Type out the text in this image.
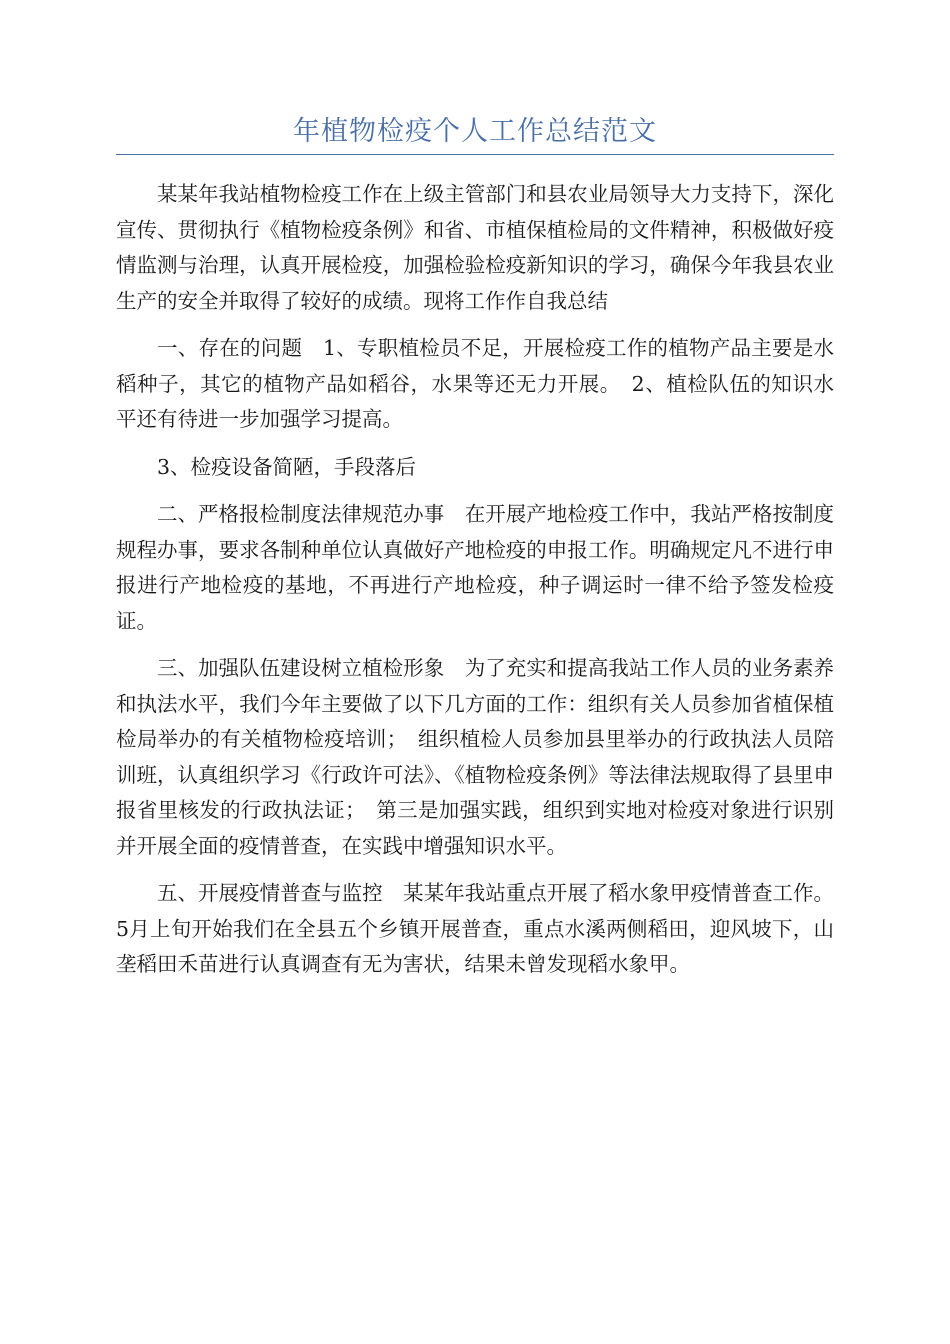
年植物检疫个人工作总结范文

某某年我站植物检疫工作在上级主管部门和县农业局领导大力支持下，深化宣传、贯彻执行《植物检疫条例》和省、市植保植检局的文件精神，积极做好疫情监测与治理，认真开展检疫，加强检验检疫新知识的学习，确保今年我县农业生产的安全并取得了较好的成绩。现将工作作自我总结

一、存在的问题　1、专职植检员不足，开展检疫工作的植物产品主要是水稻种子，其它的植物产品如稻谷，水果等还无力开展。　2、植检队伍的知识水平还有待进一步加强学习提高。

3、检疫设备简陋，手段落后

二、严格报检制度法律规范办事　在开展产地检疫工作中，我站严格按制度规程办事，要求各制种单位认真做好产地检疫的申报工作。明确规定凡不进行申报进行产地检疫的基地，不再进行产地检疫，种子调运时一律不给予签发检疫证。

三、加强队伍建设树立植检形象　为了充实和提高我站工作人员的业务素养和执法水平，我们今年主要做了以下几方面的工作：组织有关人员参加省植保植检局举办的有关植物检疫培训；　组织植检人员参加县里举办的行政执法人员陪训班，认真组织学习《行政许可法》、《植物检疫条例》等法律法规取得了县里申报省里核发的行政执法证；　第三是加强实践，组织到实地对检疫对象进行识别并开展全面的疫情普查，在实践中增强知识水平。

五、开展疫情普查与监控　某某年我站重点开展了稻水象甲疫情普查工作。5月上旬开始我们在全县五个乡镇开展普查，重点水溪两侧稻田，迎风坡下，山垄稻田禾苗进行认真调查有无为害状，结果未曾发现稻水象甲。
